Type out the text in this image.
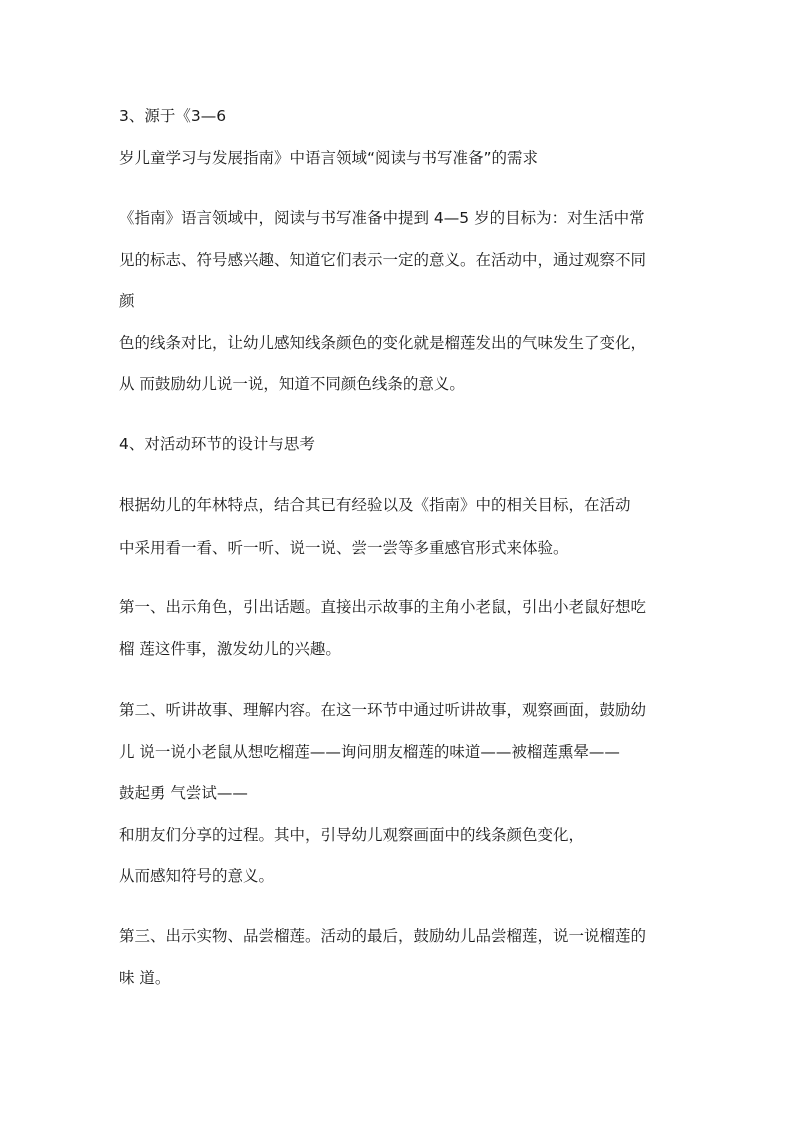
3、源于《3—6
岁儿童学习与发展指南》中语言领域“阅读与书写准备”的需求
《指南》语言领域中，阅读与书写准备中提到 4—5 岁的目标为：对生活中常
见的标志、符号感兴趣、知道它们表示一定的意义。在活动中，通过观察不同
颜
色的线条对比，让幼儿感知线条颜色的变化就是榴莲发出的气味发生了变化，
从 而鼓励幼儿说一说，知道不同颜色线条的意义。
4、对活动环节的设计与思考
根据幼儿的年林特点，结合其已有经验以及《指南》中的相关目标，在活动
中采用看一看、听一听、说一说、尝一尝等多重感官形式来体验。
第一、出示角色，引出话题。直接出示故事的主角小老鼠，引出小老鼠好想吃
榴 莲这件事，激发幼儿的兴趣。
第二、听讲故事、理解内容。在这一环节中通过听讲故事，观察画面，鼓励幼
儿 说一说小老鼠从想吃榴莲——询问朋友榴莲的味道——被榴莲熏晕——
鼓起勇 气尝试——
和朋友们分享的过程。其中，引导幼儿观察画面中的线条颜色变化，
从而感知符号的意义。
第三、出示实物、品尝榴莲。活动的最后，鼓励幼儿品尝榴莲，说一说榴莲的
味 道。
